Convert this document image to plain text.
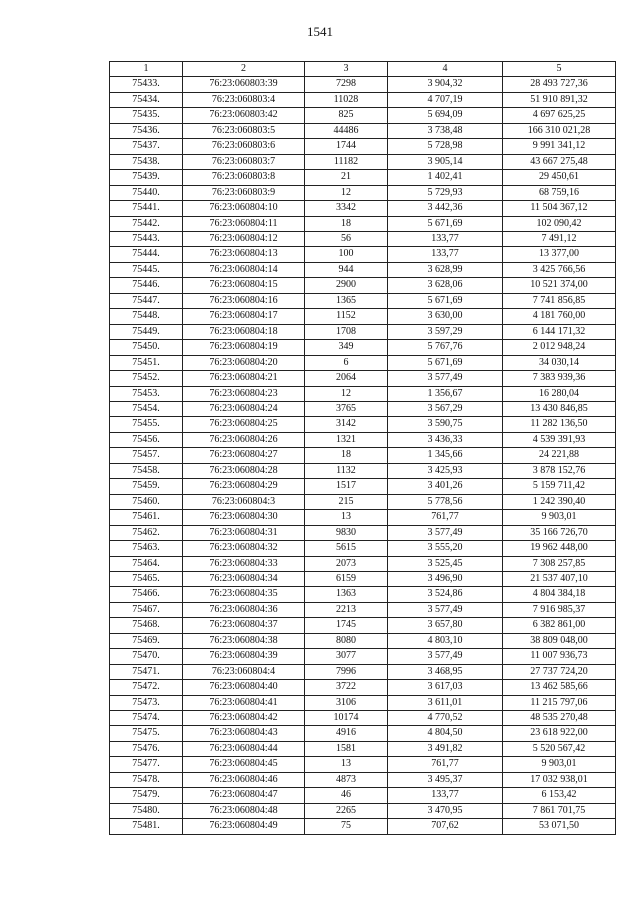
1541
1	2	3	4	5
75433.	76:23:060803:39	7298	3 904,32	28 493 727,36
75434.	76:23:060803:4	11028	4 707,19	51 910 891,32
75435.	76:23:060803:42	825	5 694,09	4 697 625,25
75436.	76:23:060803:5	44486	3 738,48	166 310 021,28
75437.	76:23:060803:6	1744	5 728,98	9 991 341,12
75438.	76:23:060803:7	11182	3 905,14	43 667 275,48
75439.	76:23:060803:8	21	1 402,41	29 450,61
75440.	76:23:060803:9	12	5 729,93	68 759,16
75441.	76:23:060804:10	3342	3 442,36	11 504 367,12
75442.	76:23:060804:11	18	5 671,69	102 090,42
75443.	76:23:060804:12	56	133,77	7 491,12
75444.	76:23:060804:13	100	133,77	13 377,00
75445.	76:23:060804:14	944	3 628,99	3 425 766,56
75446.	76:23:060804:15	2900	3 628,06	10 521 374,00
75447.	76:23:060804:16	1365	5 671,69	7 741 856,85
75448.	76:23:060804:17	1152	3 630,00	4 181 760,00
75449.	76:23:060804:18	1708	3 597,29	6 144 171,32
75450.	76:23:060804:19	349	5 767,76	2 012 948,24
75451.	76:23:060804:20	6	5 671,69	34 030,14
75452.	76:23:060804:21	2064	3 577,49	7 383 939,36
75453.	76:23:060804:23	12	1 356,67	16 280,04
75454.	76:23:060804:24	3765	3 567,29	13 430 846,85
75455.	76:23:060804:25	3142	3 590,75	11 282 136,50
75456.	76:23:060804:26	1321	3 436,33	4 539 391,93
75457.	76:23:060804:27	18	1 345,66	24 221,88
75458.	76:23:060804:28	1132	3 425,93	3 878 152,76
75459.	76:23:060804:29	1517	3 401,26	5 159 711,42
75460.	76:23:060804:3	215	5 778,56	1 242 390,40
75461.	76:23:060804:30	13	761,77	9 903,01
75462.	76:23:060804:31	9830	3 577,49	35 166 726,70
75463.	76:23:060804:32	5615	3 555,20	19 962 448,00
75464.	76:23:060804:33	2073	3 525,45	7 308 257,85
75465.	76:23:060804:34	6159	3 496,90	21 537 407,10
75466.	76:23:060804:35	1363	3 524,86	4 804 384,18
75467.	76:23:060804:36	2213	3 577,49	7 916 985,37
75468.	76:23:060804:37	1745	3 657,80	6 382 861,00
75469.	76:23:060804:38	8080	4 803,10	38 809 048,00
75470.	76:23:060804:39	3077	3 577,49	11 007 936,73
75471.	76:23:060804:4	7996	3 468,95	27 737 724,20
75472.	76:23:060804:40	3722	3 617,03	13 462 585,66
75473.	76:23:060804:41	3106	3 611,01	11 215 797,06
75474.	76:23:060804:42	10174	4 770,52	48 535 270,48
75475.	76:23:060804:43	4916	4 804,50	23 618 922,00
75476.	76:23:060804:44	1581	3 491,82	5 520 567,42
75477.	76:23:060804:45	13	761,77	9 903,01
75478.	76:23:060804:46	4873	3 495,37	17 032 938,01
75479.	76:23:060804:47	46	133,77	6 153,42
75480.	76:23:060804:48	2265	3 470,95	7 861 701,75
75481.	76:23:060804:49	75	707,62	53 071,50
